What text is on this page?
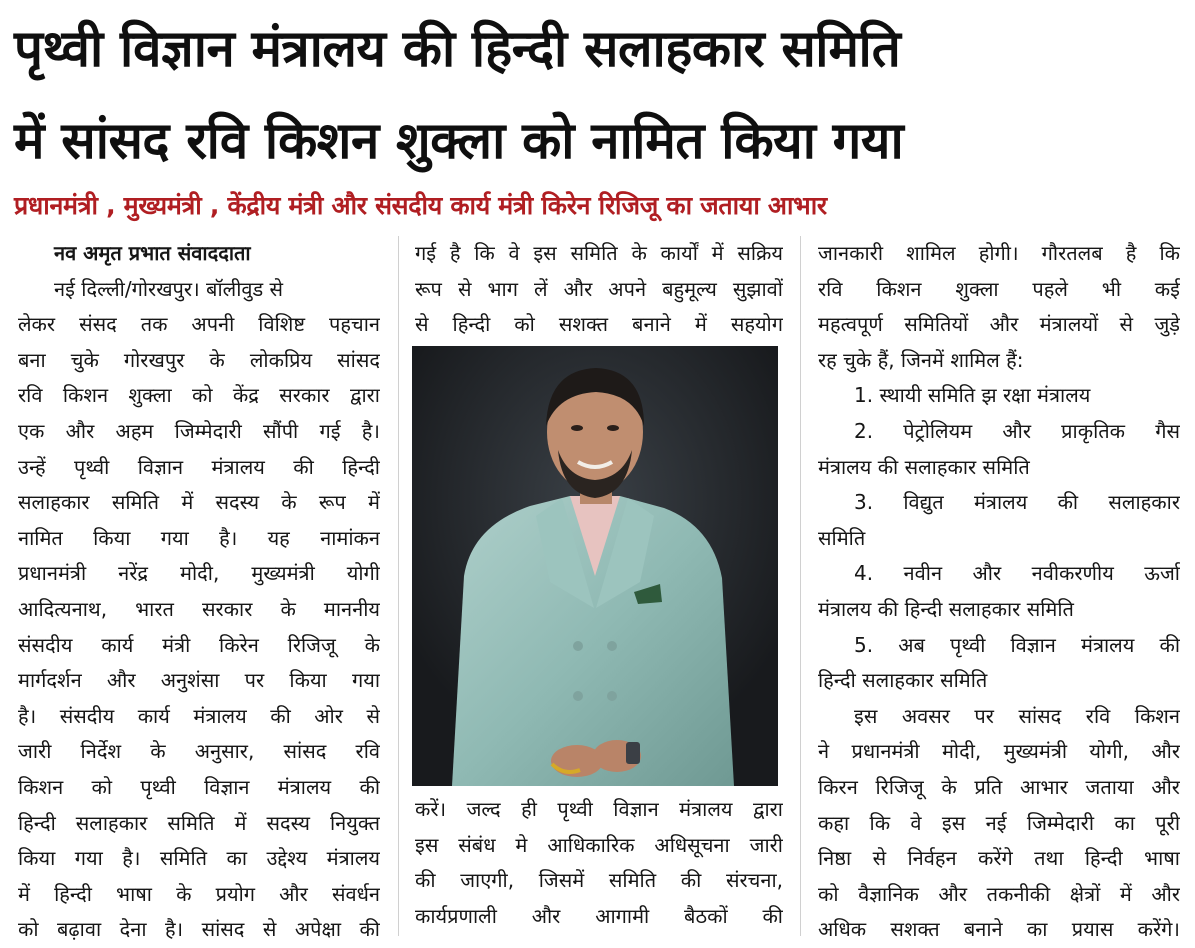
पृथ्वी विज्ञान मंत्रालय की हिन्दी सलाहकार समिति
में सांसद रवि किशन शुक्ला को नामित किया गया
प्रधानमंत्री , मुख्यमंत्री , केंद्रीय मंत्री और संसदीय कार्य मंत्री किरेन रिजिजू का जताया आभार
नव अमृत प्रभात संवाददाता
नई दिल्ली/गोरखपुर। बॉलीवुड से
लेकर संसद तक अपनी विशिष्ट पहचान
बना चुके गोरखपुर के लोकप्रिय सांसद
रवि किशन शुक्ला को केंद्र सरकार द्वारा
एक और अहम जिम्मेदारी सौंपी गई है।
उन्हें पृथ्वी विज्ञान मंत्रालय की हिन्दी
सलाहकार समिति में सदस्य के रूप में
नामित किया गया है। यह नामांकन
प्रधानमंत्री नरेंद्र मोदी, मुख्यमंत्री योगी
आदित्यनाथ, भारत सरकार के माननीय
संसदीय कार्य मंत्री किरेन रिजिजू के
मार्गदर्शन और अनुशंसा पर किया गया
है। संसदीय कार्य मंत्रालय की ओर से
जारी निर्देश के अनुसार, सांसद रवि
किशन को पृथ्वी विज्ञान मंत्रालय की
हिन्दी सलाहकार समिति में सदस्य नियुक्त
किया गया है। समिति का उद्देश्य मंत्रालय
में हिन्दी भाषा के प्रयोग और संवर्धन
को बढ़ावा देना है। सांसद से अपेक्षा की
गई है कि वे इस समिति के कार्यों में सक्रिय
रूप से भाग लें और अपने बहुमूल्य सुझावों
से हिन्दी को सशक्त बनाने में सहयोग
करें। जल्द ही पृथ्वी विज्ञान मंत्रालय द्वारा
इस संबंध मे आधिकारिक अधिसूचना जारी
की जाएगी, जिसमें समिति की संरचना,
कार्यप्रणाली और आगामी बैठकों की
जानकारी शामिल होगी। गौरतलब है कि
रवि किशन शुक्ला पहले भी कई
महत्वपूर्ण समितियों और मंत्रालयों से जुड़े
रह चुके हैं, जिनमें शामिल हैं:
1. स्थायी समिति झ रक्षा मंत्रालय
2. पेट्रोलियम और प्राकृतिक गैस
मंत्रालय की सलाहकार समिति
3. विद्युत मंत्रालय की सलाहकार
समिति
4. नवीन और नवीकरणीय ऊर्जा
मंत्रालय की हिन्दी सलाहकार समिति
5. अब पृथ्वी विज्ञान मंत्रालय की
हिन्दी सलाहकार समिति
इस अवसर पर सांसद रवि किशन
ने प्रधानमंत्री मोदी, मुख्यमंत्री योगी, और
किरन रिजिजू के प्रति आभार जताया और
कहा कि वे इस नई जिम्मेदारी का पूरी
निष्ठा से निर्वहन करेंगे तथा हिन्दी भाषा
को वैज्ञानिक और तकनीकी क्षेत्रों में और
अधिक सशक्त बनाने का प्रयास करेंगे।
